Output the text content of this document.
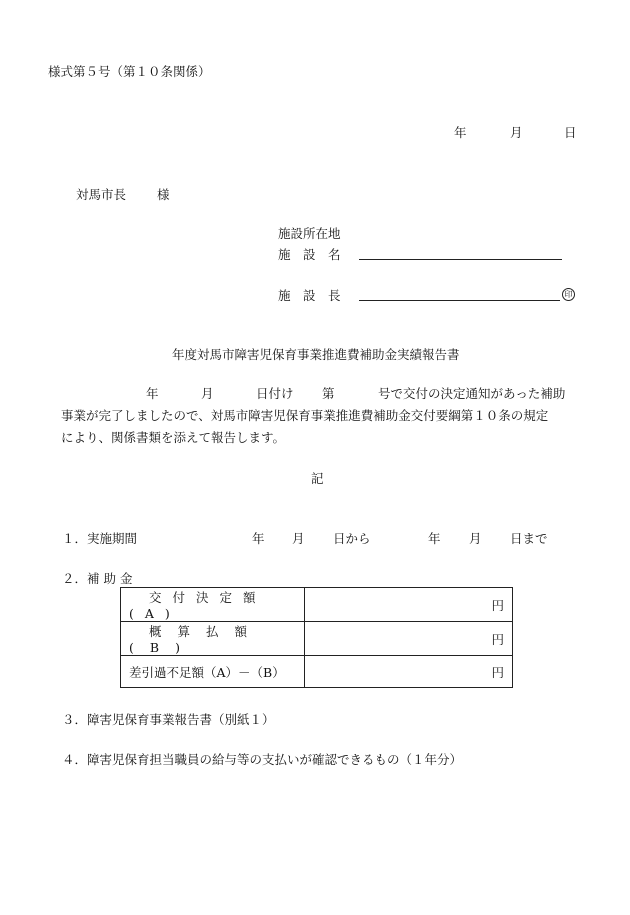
様式第５号（第１０条関係）
年	月	日
対馬市長 様
施設所在地
施　設　名
施　設　長	印
年度対馬市障害児保育事業推進費補助金実績報告書
年	月	日付け 第	号で交付の決定通知があった補助
事業が完了しましたので、対馬市障害児保育事業推進費補助金交付要綱第１０条の規定
により、関係書類を添えて報告します。
記
１．実施期間	年 月 日から	年 月 日まで
２．補 助 金
交付決定額(A)	円
概算払額(B)	円
差引過不足額（A）－（B）	円
３．障害児保育事業報告書（別紙１）
４．障害児保育担当職員の給与等の支払いが確認できるもの（１年分）
